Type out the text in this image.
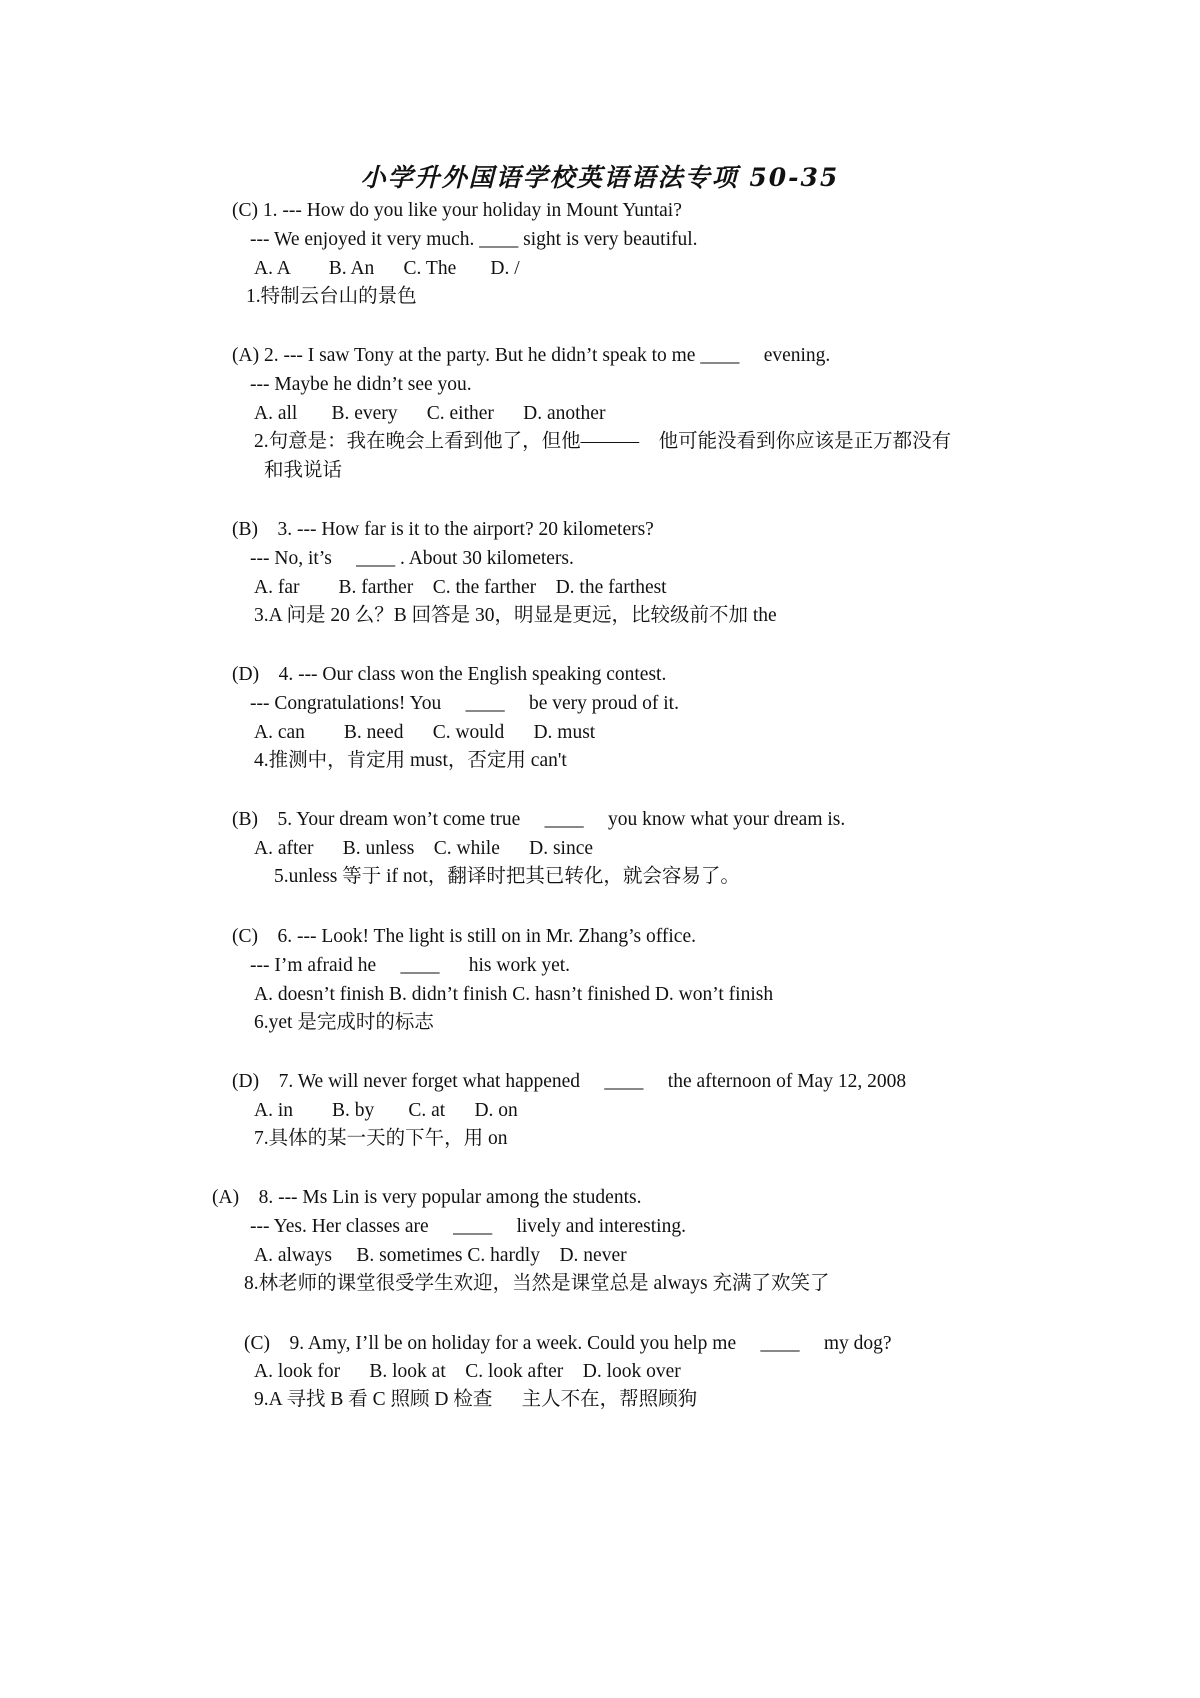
小学升外国语学校英语语法专项 50-35
(C) 1. --- How do you like your holiday in Mount Yuntai?
--- We enjoyed it very much. ____ sight is very beautiful.
A. A        B. An      C. The       D. /
1.特制云台山的景色
(A) 2. --- I saw Tony at the party. But he didn’t speak to me ____     evening.
--- Maybe he didn’t see you.
A. all       B. every      C. either      D. another
2.句意是：我在晚会上看到他了，但他———    他可能没看到你应该是正万都没有
和我说话
(B)    3. --- How far is it to the airport? 20 kilometers?
--- No, it’s     ____ . About 30 kilometers.
A. far        B. farther    C. the farther    D. the farthest
3.A 问是 20 么？B 回答是 30，明显是更远，比较级前不加 the
(D)    4. --- Our class won the English speaking contest.
--- Congratulations! You     ____     be very proud of it.
A. can        B. need      C. would      D. must
4.推测中，肯定用 must，否定用 can't
(B)    5. Your dream won’t come true     ____     you know what your dream is.
A. after      B. unless    C. while      D. since
5.unless 等于 if not，翻译时把其已转化，就会容易了。
(C)    6. --- Look! The light is still on in Mr. Zhang’s office.
--- I’m afraid he     ____      his work yet.
A. doesn’t finish B. didn’t finish C. hasn’t finished D. won’t finish
6.yet 是完成时的标志
(D)    7. We will never forget what happened     ____     the afternoon of May 12, 2008
A. in        B. by       C. at      D. on
7.具体的某一天的下午，用 on
(A)    8. --- Ms Lin is very popular among the students.
--- Yes. Her classes are     ____     lively and interesting.
A. always     B. sometimes C. hardly    D. never
8.林老师的课堂很受学生欢迎，当然是课堂总是 always 充满了欢笑了
(C)    9. Amy, I’ll be on holiday for a week. Could you help me     ____     my dog?
A. look for      B. look at    C. look after    D. look over
9.A 寻找 B 看 C 照顾 D 检查      主人不在，帮照顾狗
